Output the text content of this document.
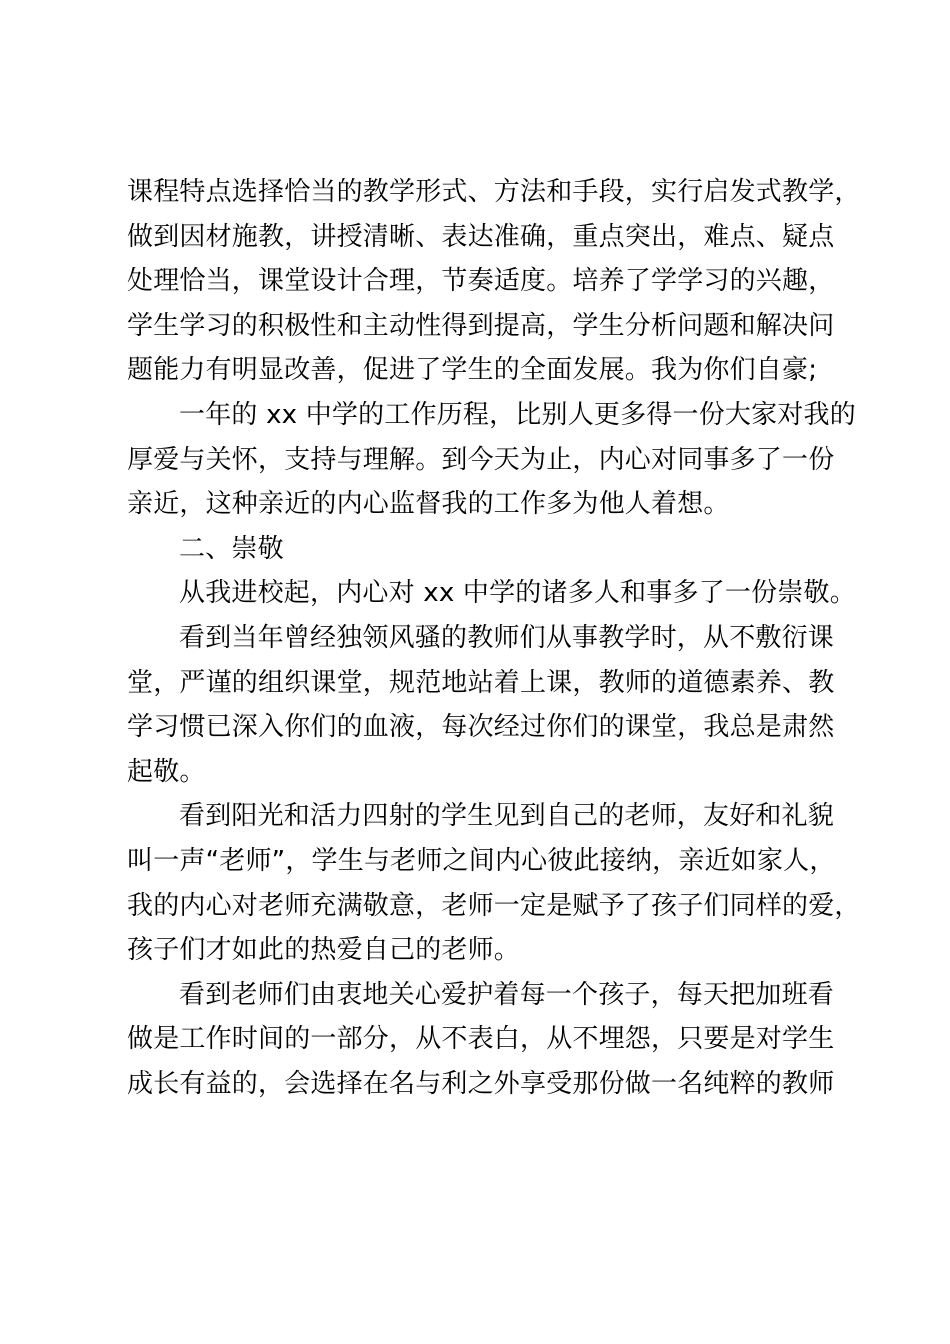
课程特点选择恰当的教学形式、方法和手段，实行启发式教学，
做到因材施教，讲授清晰、表达准确，重点突出，难点、疑点
处理恰当，课堂设计合理，节奏适度。培养了学学习的兴趣，
学生学习的积极性和主动性得到提高，学生分析问题和解决问
题能力有明显改善，促进了学生的全面发展。我为你们自豪;
一年的 xx 中学的工作历程，比别人更多得一份大家对我的
厚爱与关怀，支持与理解。到今天为止，内心对同事多了一份
亲近，这种亲近的内心监督我的工作多为他人着想。
二、崇敬
从我进校起，内心对 xx 中学的诸多人和事多了一份崇敬。
看到当年曾经独领风骚的教师们从事教学时，从不敷衍课
堂，严谨的组织课堂，规范地站着上课，教师的道德素养、教
学习惯已深入你们的血液，每次经过你们的课堂，我总是肃然
起敬。
看到阳光和活力四射的学生见到自己的老师，友好和礼貌
叫一声“老师”，学生与老师之间内心彼此接纳，亲近如家人，
我的内心对老师充满敬意，老师一定是赋予了孩子们同样的爱，
孩子们才如此的热爱自己的老师。
看到老师们由衷地关心爱护着每一个孩子，每天把加班看
做是工作时间的一部分，从不表白，从不埋怨，只要是对学生
成长有益的，会选择在名与利之外享受那份做一名纯粹的教师
